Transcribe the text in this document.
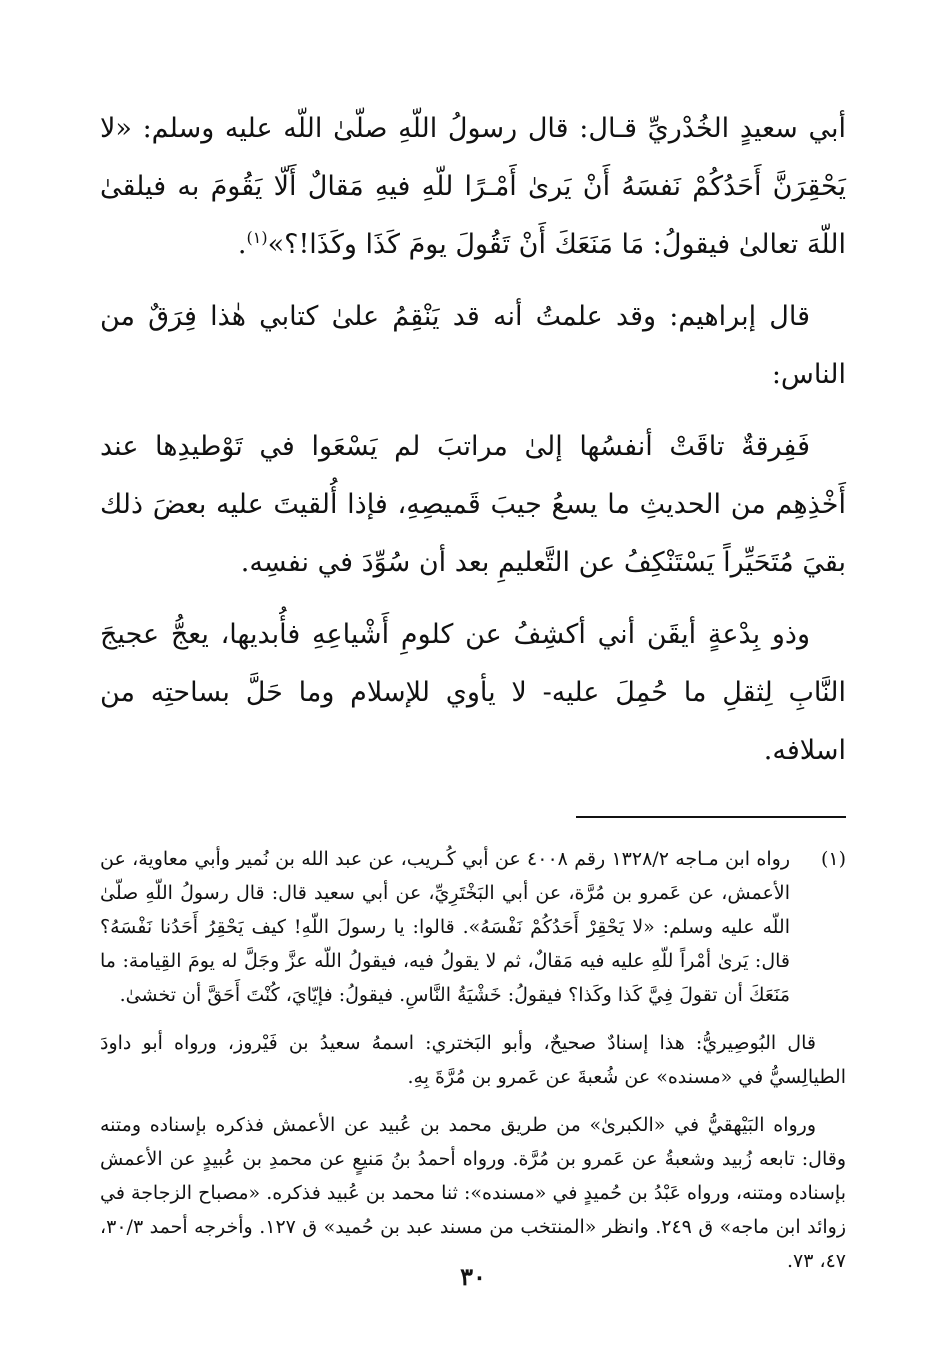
أبي سعيدٍ الخُدْريِّ قـال: قال رسولُ اللّهِ صلّىٰ اللّه عليه وسلم: «لا يَحْقِرَنَّ أَحَدُكُمْ نَفسَهُ أَنْ يَرىٰ أَمْـرًا للّهِ فيهِ مَقالٌ أَلّا يَقُومَ به فيلقىٰ اللّهَ تعالىٰ فيقولُ: مَا مَنَعَكَ أَنْ تَقُولَ يومَ كَذَا وكَذَا!؟»$^{(١)}$.

قال إبراهيم: وقد علمتُ أنه قد يَنْقِمُ علىٰ كتابي هٰذا فِرَقٌ من الناس:

فَفِرقةٌ تاقَتْ أنفسُها إلىٰ مراتبَ لم يَسْعَوا في تَوْطيدِها عند أَخْذِهِم من الحديثِ ما يسعُ جيبَ قَميصِهِ، فإذا أُلقيتَ عليه بعضَ ذلك بقيَ مُتَحَيِّراً يَسْتَنْكِفُ عن التَّعليمِ بعد أن سُوِّدَ في نفسِه.

وذو بِدْعةٍ أيقَن أني أكشِفُ عن كلومِ أَشْياعِهِ فأُبديها، يعجُّ عجيجَ النَّابِ لِثقلِ ما حُمِلَ عليه- لا يأوي للإسلام وما حَلَّ بساحتِه من اسلافه.

(١)

رواه ابن مـاجه ١٣٢٨/٢ رقم ٤٠٠٨ عن أبي كُـريب، عن عبد الله بن نُمير وأبي معاوية، عن الأعمش، عن عَمرو بن مُرَّة، عن أبي البَخْتَرِيِّ، عن أبي سعيد قال: قال رسولُ اللّهِ صلّىٰ اللّه عليه وسلم: «لا يَحْقِرْ أَحَدُكُمْ نَفْسَهُ». قالوا: يا رسولَ اللّهِ! كيف يَحْقِرُ أَحَدُنا نَفْسَهُ؟ قال: يَرىٰ أمْراً للّهِ عليه فيه مَقالٌ، ثم لا يقولُ فيه، فيقولُ اللّه عزَّ وجَلَّ له يومَ القِيامة: ما مَنَعَكَ أن تقولَ فِيَّ كَذا وكَذا؟ فيقولُ: خَشْيَةُ النَّاسِ. فيقولُ: فإيّايَ، كُنْتَ أَحَقَّ أن تخشىٰ.

قال البُوصِيريُّ: هذا إسنادٌ صحيحٌ، وأبو البَختري: اسمهُ سعيدُ بن فَيْروز، ورواه أبو داودَ الطيالِسيُّ في «مسنده» عن شُعبةَ عن عَمرو بن مُرَّةَ بِهِ.

ورواه البَيْهقيُّ في «الكبرىٰ» من طريق محمد بن عُبيد عن الأعمش فذكره بإسناده ومتنه وقال: تابعه زُبيد وشعبةُ عن عَمرو بن مُرَّة. ورواه أحمدُ بنُ مَنيعٍ عن محمدِ بن عُبيدٍ عن الأعمش بإسناده ومتنه، ورواه عَبْدُ بن حُميدٍ في «مسنده»: ثنا محمد بن عُبيد فذكره. «مصباح الزجاجة في زوائد ابن ماجه» ق ٢٤٩. وانظر «المنتخب من مسند عبد بن حُميد» ق ١٢٧. وأخرجه أحمد ٣٠/٣، ٤٧، ٧٣.

٣٠
